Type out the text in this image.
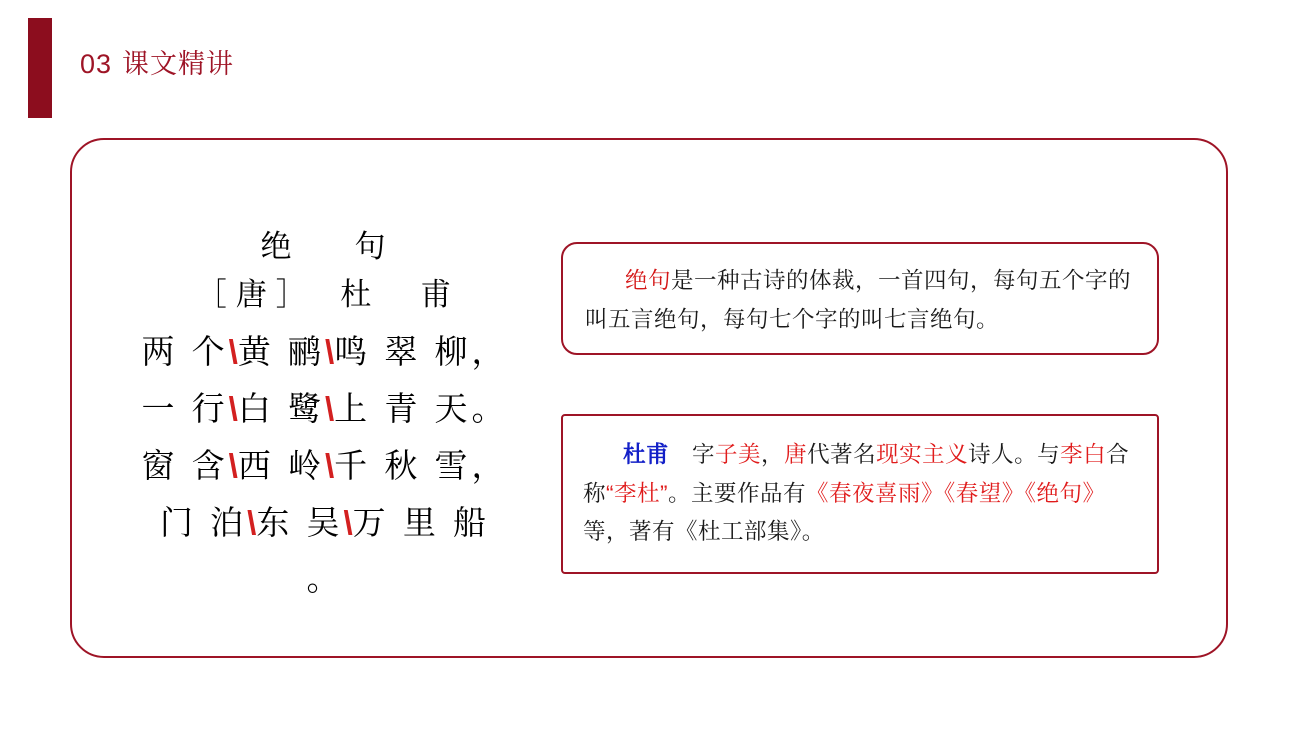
03 课文精讲
绝　句
［唐］　杜　甫
两 个\黄 鹂\鸣 翠 柳，
一 行\白 鹭\上 青 天。
窗 含\西 岭\千 秋 雪，
门 泊\东 吴\万 里 船
。
绝句是一种古诗的体裁，一首四句，每句五个字的叫五言绝句，每句七个字的叫七言绝句。
杜甫　字子美，唐代著名现实主义诗人。与李白合称“李杜”。主要作品有《春夜喜雨》《春望》《绝句》等，著有《杜工部集》。
